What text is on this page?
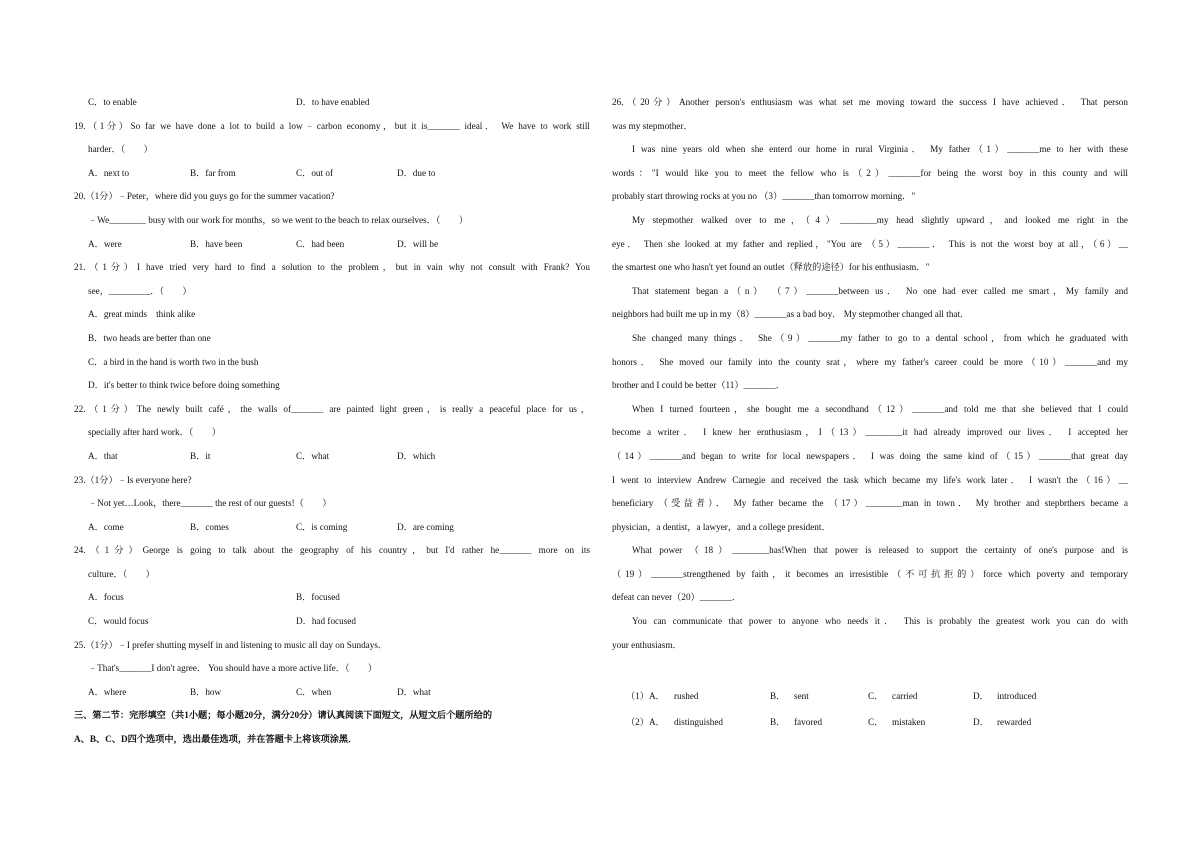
C．to enable	D．to have enabled
19.（1分）So far we have done a lot to build a low﹣carbon economy，but it is_______ ideal． We have to work still
harder．（　　）
A．next to	B．far from	C．out of	D．due to
20.（1分）﹣Peter，where did you guys go for the summer vacation?
﹣We________ busy with our work for months，so we went to the beach to relax ourselves．（　　）
A．were	B．have been	C．had been	D．will be
21.（1分）I have tried very hard to find a solution to the problem，but in vain why not consult with Frank? You
see，_________．（　　）
A．great minds　think alike
B．two heads are better than one
C．a bird in the hand is worth two in the bush
D．it's better to think twice before doing something
22.（1分）The newly built café，the walls of_______ are painted light green，is really a peaceful place for us，
specially after hard work．（　　）
A．that	B．it	C．what	D．which
23.（1分）﹣Is everyone here?
﹣Not yet…Look，there_______ the rest of our guests!（　　）
A．come	B．comes	C．is coming	D．are coming
24.（1分）George is going to talk about the geography of his country，but I'd rather he_______ more on its
culture．（　　）
A．focus	B．focused
C．would focus	D．had focused
25.（1分）﹣I prefer shutting myself in and listening to music all day on Sundays．
﹣That's_______I don't agree． You should have a more active life．（　　）
A．where	B．how	C．when	D．what
三、第二节：完形填空（共1小题；每小题20分，满分20分）请认真阅读下面短文，从短文后个题所给的
A、B、C、D四个选项中，选出最佳选项，并在答题卡上将该项涂黑．
26.（20分）Another person's enthusiasm was what set me moving toward the success I have achieved． That person
was my stepmother．
I was nine years old when she enterd our home in rural Virginia． My father（1）_______me to her with these
words："I would like you to meet the fellow who is（2）_______for being the worst boy in this county and will
probably start throwing rocks at you no （3）_______than tomorrow morning．"
My stepmother walked over to me，（4）________my head slightly upward，and looked me right in the
eye． Then she looked at my father and replied，"You are （5）_______． This is not the worst boy at all，（6）__
the smartest one who hasn't yet found an outlet（释放的途径）for his enthusiasm．"
That statement began a（n） （7）_______between us． No one had ever called me smart，My family and
neighbors had built me up in my（8）_______as a bad boy． My stepmother changed all that．
She changed many things． She（9）_______my father to go to a dental school，from which he graduated with
honors． She moved our family into the county srat，where my father's career could be more（10）_______and my
brother and I could be better（11）_______．
When I turned fourteen，she bought me a secondhand（12）_______and told me that she believed that I could
become a writer． I knew her ernthusiasm，I（13）________it had already improved our lives． I accepted her
（14）_______and began to write for local newspapers． I was doing the same kind of（15）_______that great day
I went to interview Andrew Carnegie and received the task which became my life's work later． I wasn't the（16）__
beneficiary （受益者）． My father became the （17）________man in town． My brother and stepbrthers became a
physician，a dentist，a lawyer，and a college president．
What power （18）________has!When that power is released to support the certainty of one's purpose and is
（19）_______strengthened by faith，it becomes an irresistible（不可抗拒的）force which poverty and temporary
defeat can never（20）_______．
You can communicate that power to anyone who needs it． This is probably the greatest work you can do with
your enthusiasm．
（1）A． rushed	B． sent	C． carried	D． introduced
（2）A． distinguished	B． favored	C． mistaken	D． rewarded
